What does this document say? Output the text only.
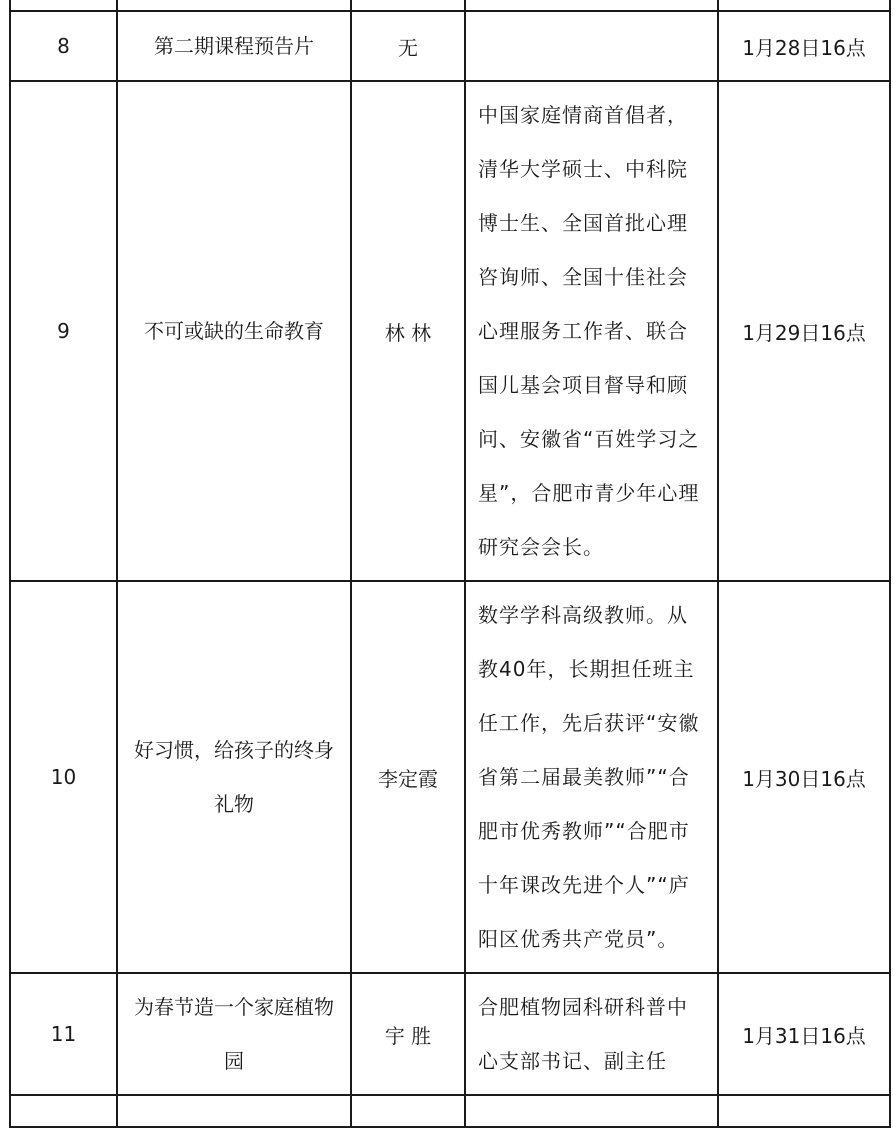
8	第二期课程预告片	无		1月28日16点
9	不可或缺的生命教育	林 林	中国家庭情商首倡者，清华大学硕士、中科院博士生、全国首批心理咨询师、全国十佳社会心理服务工作者、联合国儿基会项目督导和顾问、安徽省“百姓学习之星”，合肥市青少年心理研究会会长。	1月29日16点
10	好习惯，给孩子的终身礼物	李定霞	数学学科高级教师。从教40年，长期担任班主任工作，先后获评“安徽省第二届最美教师”“合肥市优秀教师”“合肥市十年课改先进个人”“庐阳区优秀共产党员”。	1月30日16点
11	为春节造一个家庭植物园	宇 胜	合肥植物园科研科普中心支部书记、副主任	1月31日16点
